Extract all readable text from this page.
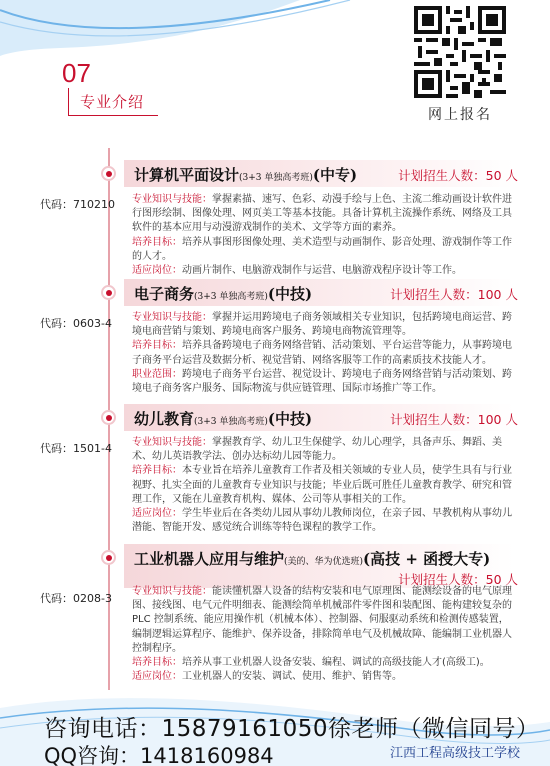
07
专业介绍
网上报名
计算机平面设计(3+3 单独高考班)(中专)	计划招生人数：50 人
代码：710210 专业知识与技能：掌握素描、速写、色彩、动漫手绘与上色、主流二维动画设计软件进行图形绘制、图像处理、网页美工等基本技能。具备计算机主流操作系统、网络及工具软件的基本应用与动漫游戏制作的美术、文学等方面的素养。
培养目标：培养从事图形图像处理、美术造型与动画制作、影音处理、游戏制作等工作的人才。
适应岗位：动画片制作、电脑游戏制作与运营、电脑游戏程序设计等工作。
电子商务(3+3 单独高考班)(中技)	计划招生人数：100 人
代码：0603-4 专业知识与技能：掌握并运用跨境电子商务领域相关专业知识，包括跨境电商运营、跨境电商营销与策划、跨境电商客户服务、跨境电商物流管理等。
培养目标：培养具备跨境电子商务网络营销、活动策划、平台运营等能力，从事跨境电子商务平台运营及数据分析、视觉营销、网络客服等工作的高素质技术技能人才。
职业范围：跨境电子商务平台运营、视觉设计、跨境电子商务网络营销与活动策划、跨境电子商务客户服务、国际物流与供应链管理、国际市场推广等工作。
幼儿教育(3+3 单独高考班)(中技)	计划招生人数：100 人
代码：1501-4 专业知识与技能：掌握教育学、幼儿卫生保健学、幼儿心理学，具备声乐、舞蹈、美术、幼儿英语教学法、创办达标幼儿园等能力。
培养目标：本专业旨在培养儿童教育工作者及相关领域的专业人员，使学生具有与行业视野、扎实全面的儿童教育专业知识与技能；毕业后既可胜任儿童教育教学、研究和管理工作，又能在儿童教育机构、媒体、公司等从事相关的工作。
适应岗位：学生毕业后在各类幼儿园从事幼儿教师岗位，在亲子园、早教机构从事幼儿潜能、智能开发、感觉统合训练等特色课程的教学工作。
工业机器人应用与维护(美的、华为优选班)(高技 + 函授大专)
计划招生人数：50 人
代码：0208-3
专业知识与技能：能读懂机器人设备的结构安装和电气原理图、能测绘设备的电气原理图、接线图、电气元件明细表、能测绘简单机械部件零件图和装配图、能构建较复杂的 PLC 控制系统、能应用操作机（机械本体）、控制器、伺服驱动系统和检测传感装置，编制逻辑运算程序、能维护、保养设备，排除简单电气及机械故障、能编制工业机器人控制程序。
培养目标：培养从事工业机器人设备安装、编程、调试的高级技能人才(高级工)。
适应岗位：工业机器人的安装、调试、使用、维护、销售等。
咨询电话：15879161050徐老师（微信同号）
QQ咨询：1418160984	江西工程高级技工学校
